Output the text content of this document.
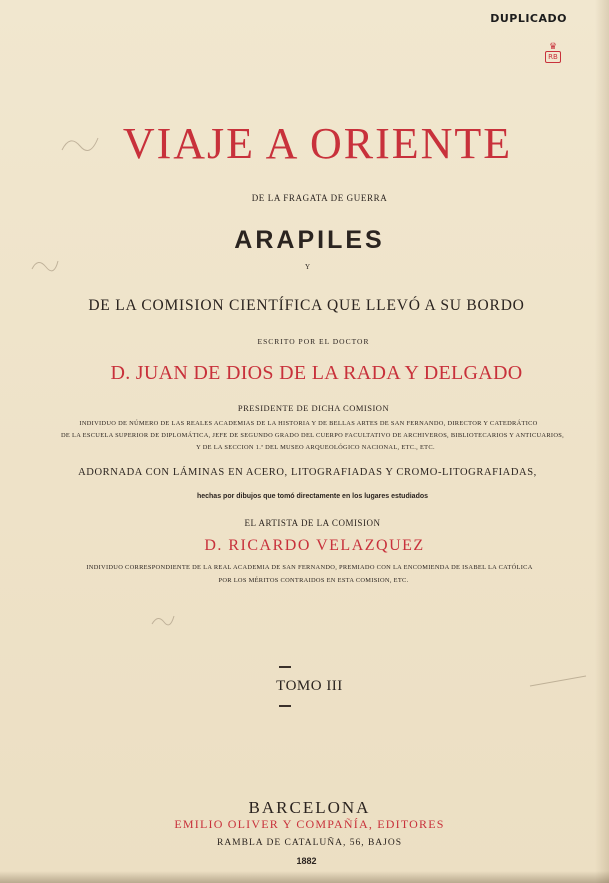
DUPLICADO
♛
RB
VIAJE A ORIENTE
DE LA FRAGATA DE GUERRA
ARAPILES
Y
DE LA COMISION CIENTÍFICA QUE LLEVÓ A SU BORDO
ESCRITO POR EL DOCTOR
D. JUAN DE DIOS DE LA RADA Y DELGADO
PRESIDENTE DE DICHA COMISION
INDIVIDUO DE NÚMERO DE LAS REALES ACADEMIAS DE LA HISTORIA Y DE BELLAS ARTES DE SAN FERNANDO, DIRECTOR Y CATEDRÁTICO
DE LA ESCUELA SUPERIOR DE DIPLOMÁTICA, JEFE DE SEGUNDO GRADO DEL CUERPO FACULTATIVO DE ARCHIVEROS, BIBLIOTECARIOS Y ANTICUARIOS,
Y DE LA SECCION 1.ª DEL MUSEO ARQUEOLÓGICO NACIONAL, ETC., ETC.
ADORNADA CON LÁMINAS EN ACERO, LITOGRAFIADAS Y CROMO-LITOGRAFIADAS,
hechas por dibujos que tomó directamente en los lugares estudiados
EL ARTISTA DE LA COMISION
D. RICARDO VELAZQUEZ
INDIVIDUO CORRESPONDIENTE DE LA REAL ACADEMIA DE SAN FERNANDO, PREMIADO CON LA ENCOMIENDA DE ISABEL LA CATÓLICA
POR LOS MÉRITOS CONTRAIDOS EN ESTA COMISION, ETC.
TOMO III
BARCELONA
EMILIO OLIVER Y COMPAÑÍA, EDITORES
RAMBLA DE CATALUÑA, 56, BAJOS
1882
